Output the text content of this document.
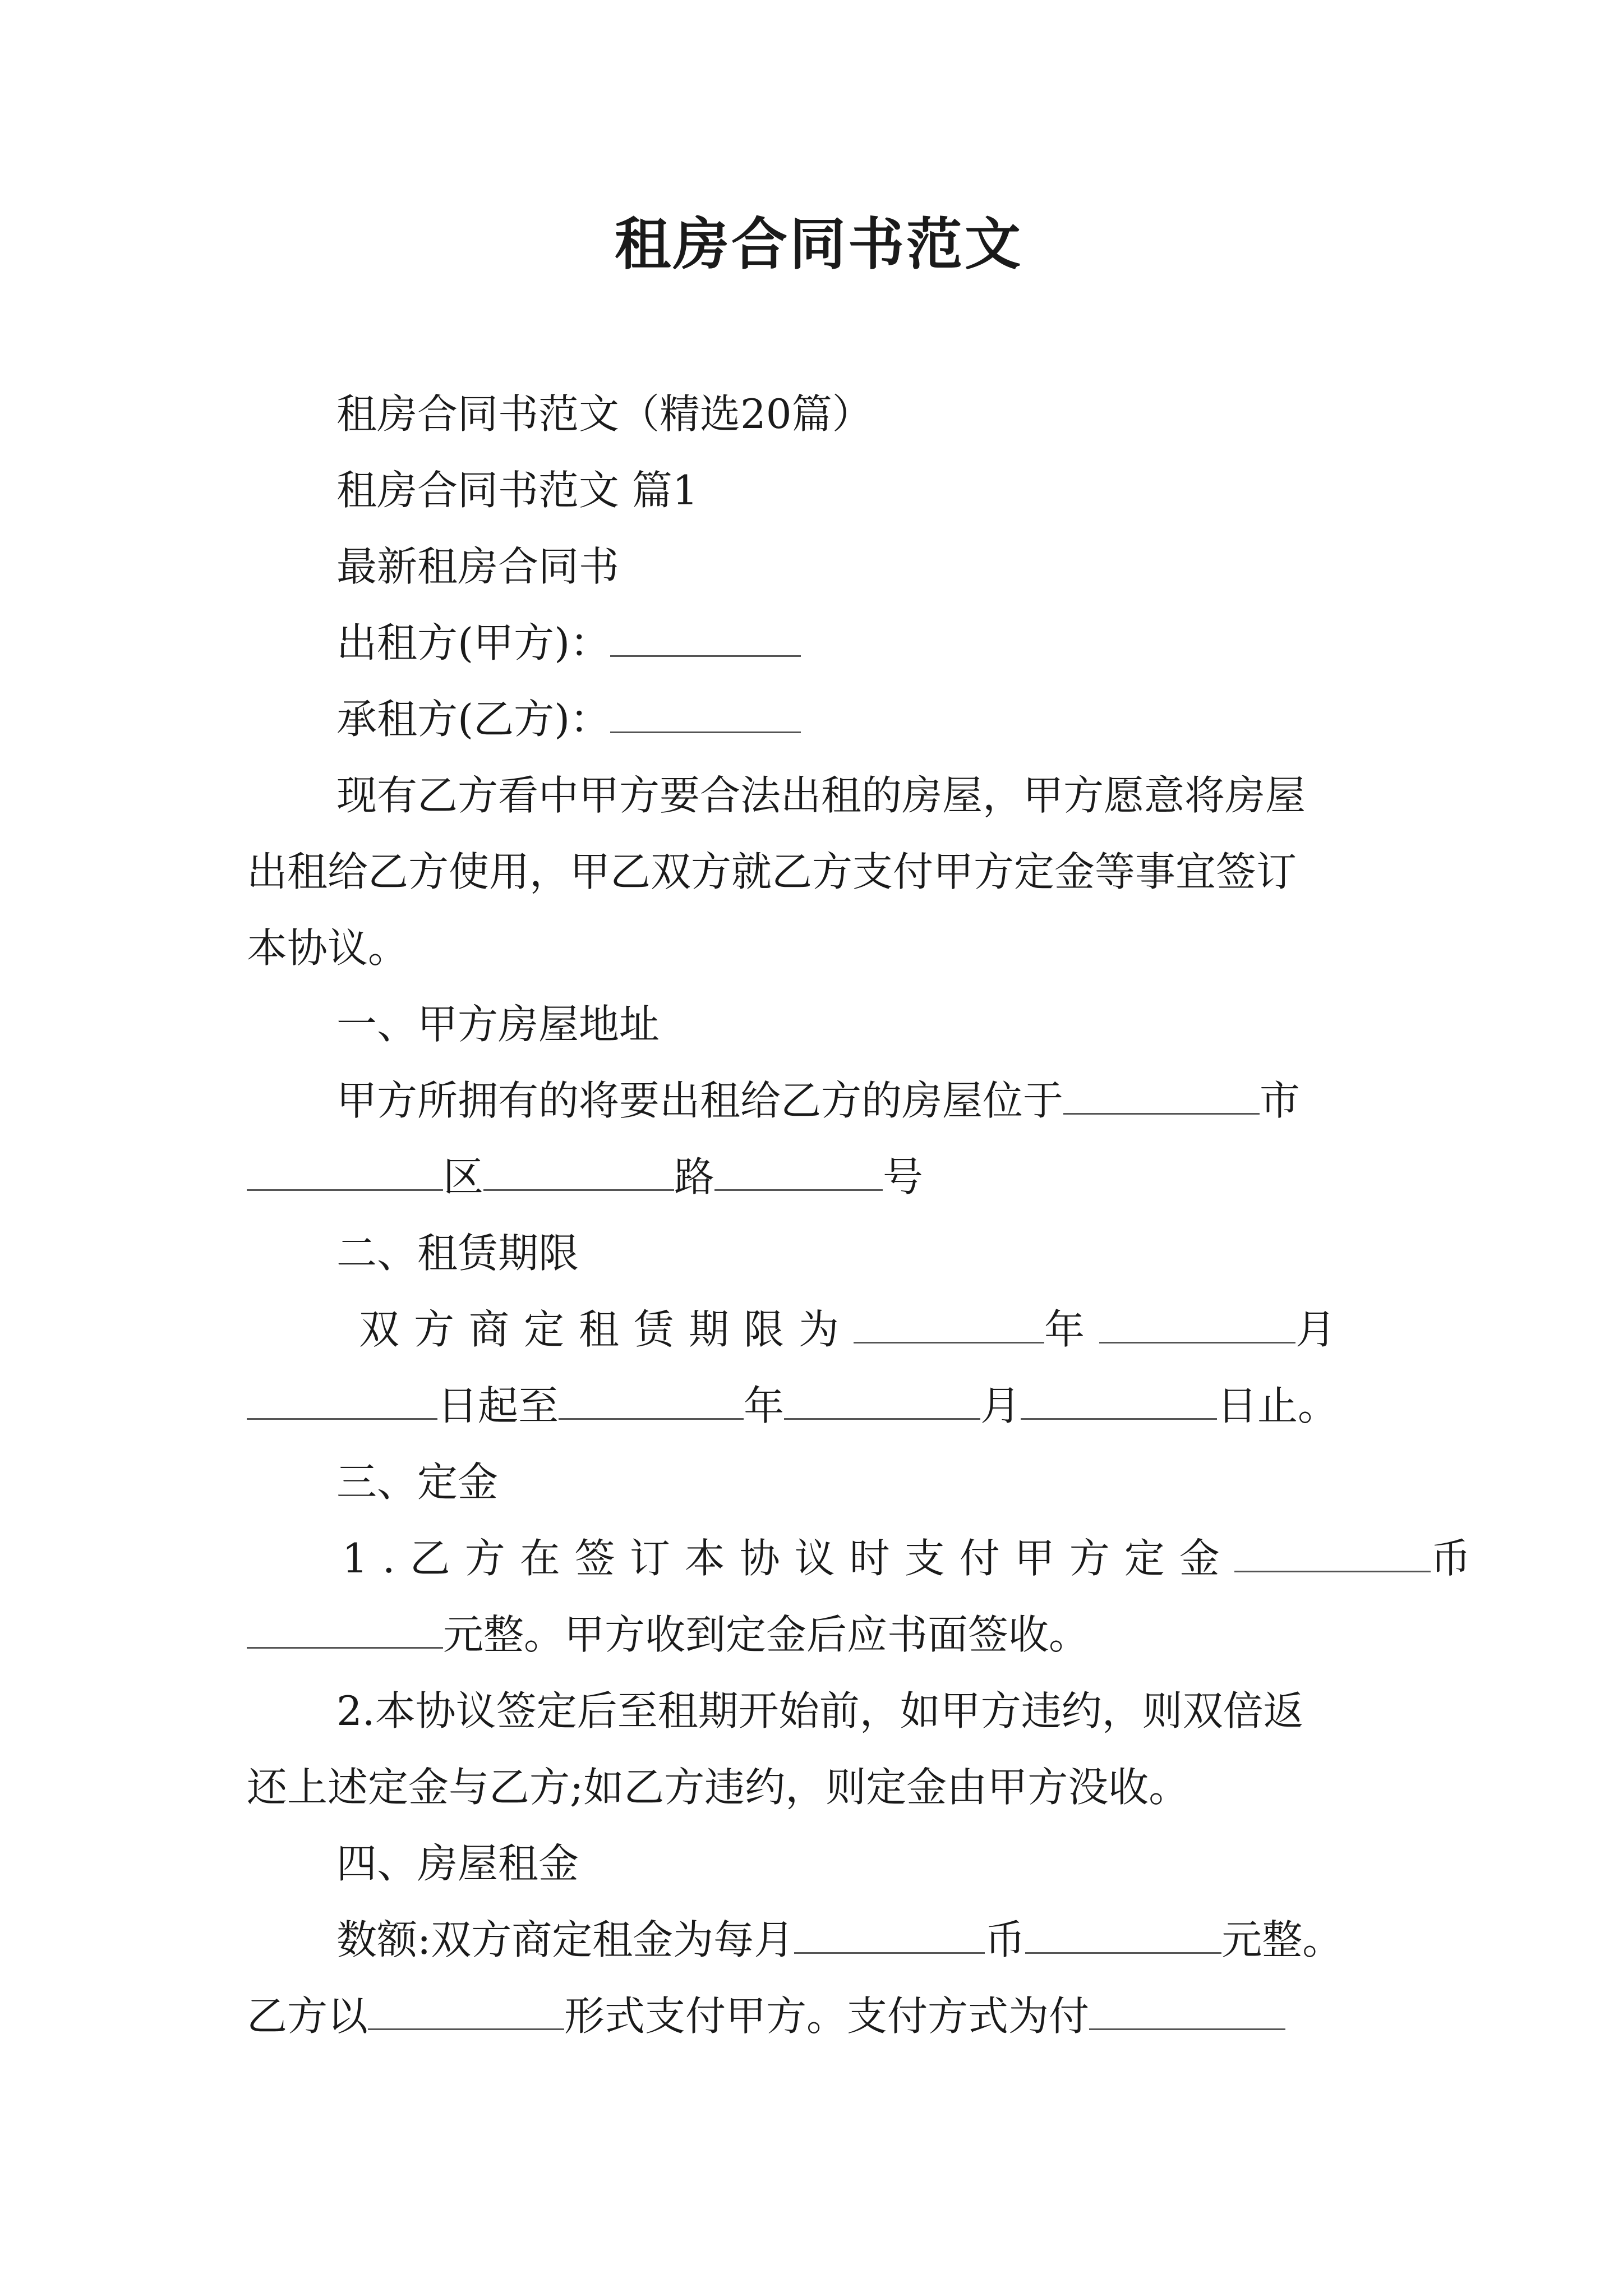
租房合同书范文
租房合同书范文（精选20篇）
租房合同书范文 篇1
最新租房合同书
出租方(甲方)：
承租方(乙方)：
现有乙方看中甲方要合法出租的房屋，甲方愿意将房屋
出租给乙方使用，甲乙双方就乙方支付甲方定金等事宜签订
本协议。
一、甲方房屋地址
甲方所拥有的将要出租给乙方的房屋位于	市
区	路	号
二、租赁期限
双方商定租赁期限为	年	月
日起至	年	月	日止。
三、定金
1.乙方在签订本协议时支付甲方定金	币
元整。甲方收到定金后应书面签收。
2.本协议签定后至租期开始前，如甲方违约，则双倍返
还上述定金与乙方;如乙方违约，则定金由甲方没收。
四、房屋租金
数额:双方商定租金为每月	币	元整。
乙方以	形式支付甲方。支付方式为付
